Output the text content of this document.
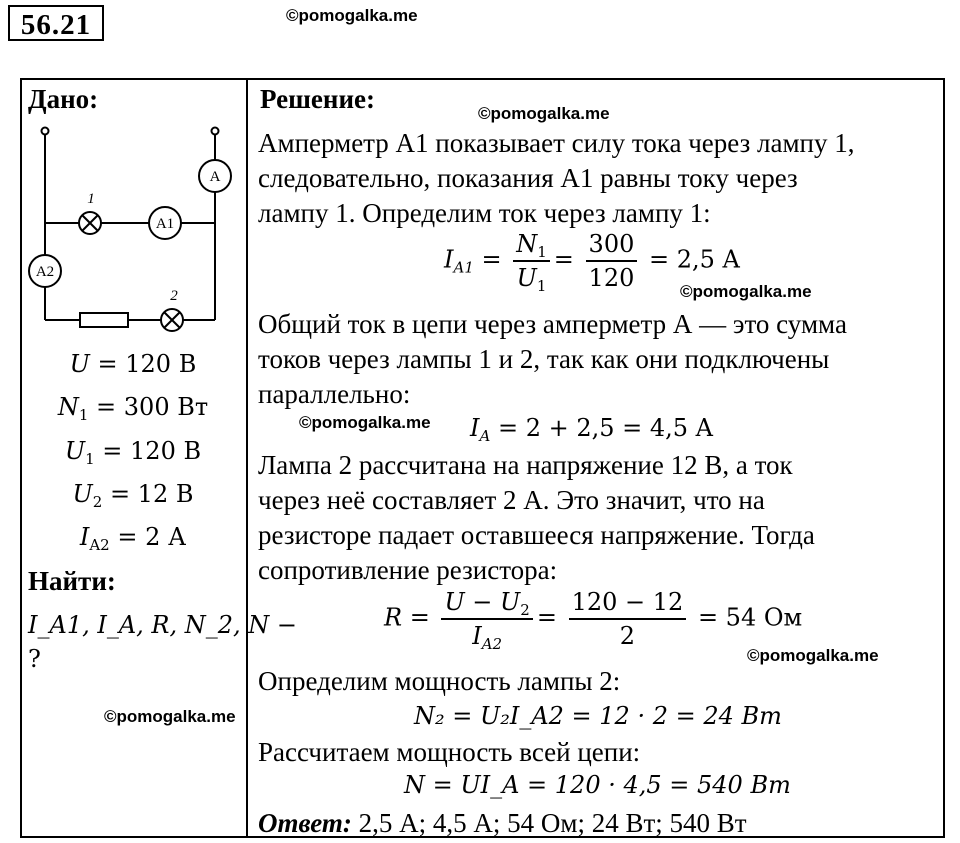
56.21	©pomogalka.me
©pomogalka.me
©pomogalka.me
©pomogalka.me
©pomogalka.me
©pomogalka.me
Дано:
A
A1
A2
1
2
U = 120 В
$N_1 = 300$ Вт
$U_1 = 120$ В
$U_2 = 12$ В
$I_{A2} = 2$ А
Найти:
I_A1, I_A, R, N_2, N −
?
Решение:
Амперметр А1 показывает силу тока через лампу 1,
следовательно, показания А1 равны току через
лампу 1. Определим ток через лампу 1:
$I_{A1} = \frac{N_1}{U_1} = \frac{300}{120} = 2,5$ A
Общий ток в цепи через амперметр А — это сумма
токов через лампы 1 и 2, так как они подключены
параллельно:
$I_A = 2 + 2,5 = 4,5$ A
Лампа 2 рассчитана на напряжение 12 В, а ток
через неё составляет 2 А. Это значит, что на
резисторе падает оставшееся напряжение. Тогда
сопротивление резистора:
$R = \frac{U - U_2}{I_{A2}} = \frac{120 - 12}{2} = 54$ Ом
Определим мощность лампы 2:
N₂ = U₂I_A2 = 12 · 2 = 24 Вт
Рассчитаем мощность всей цепи:
N = UI_A = 120 · 4,5 = 540 Вт
Ответ: 2,5 А; 4,5 А; 54 Ом; 24 Вт; 540 Вт
